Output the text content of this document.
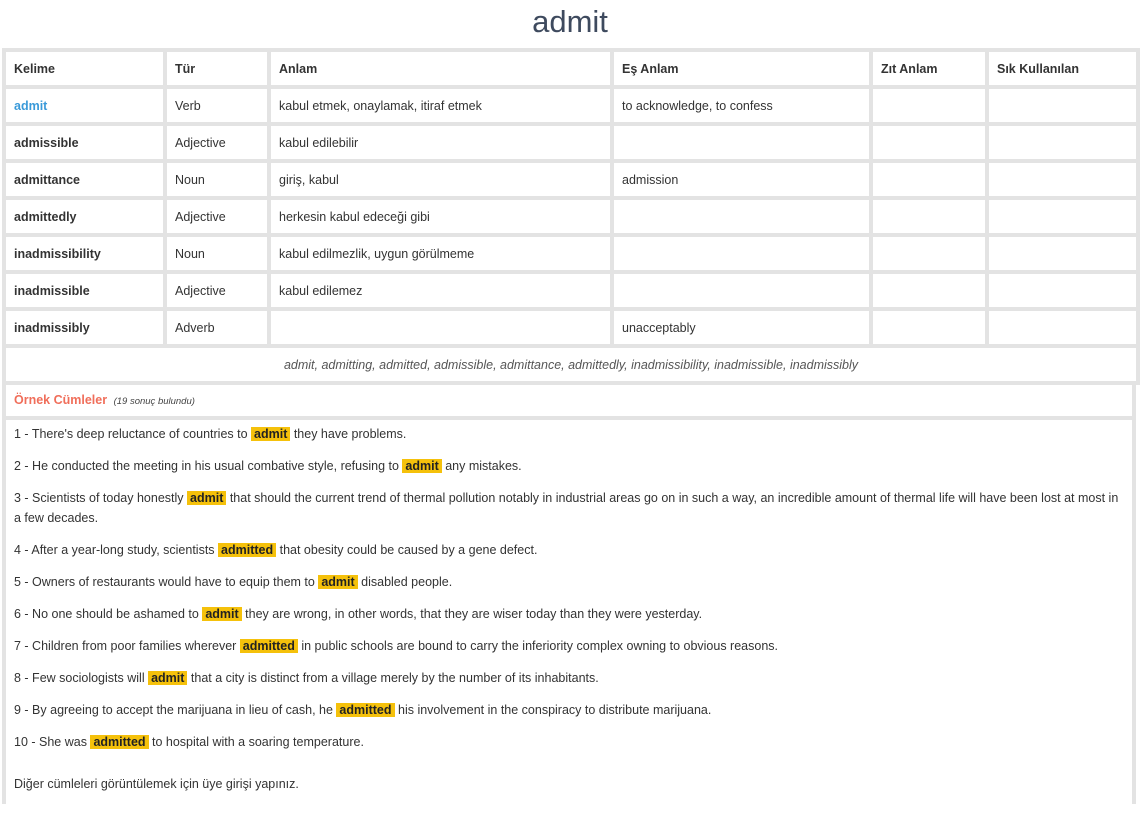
admit
Kelime	Tür	Anlam	Eş Anlam	Zıt Anlam	Sık Kullanılan
admit	Verb	kabul etmek, onaylamak, itiraf etmek	to acknowledge, to confess		
admissible	Adjective	kabul edilebilir			
admittance	Noun	giriş, kabul	admission		
admittedly	Adjective	herkesin kabul edeceği gibi			
inadmissibility	Noun	kabul edilmezlik, uygun görülmeme			
inadmissible	Adjective	kabul edilemez			
inadmissibly	Adverb		unacceptably		
admit, admitting, admitted, admissible, admittance, admittedly, inadmissibility, inadmissible, inadmissibly					
Örnek Cümleler (19 sonuç bulundu)

1 - There's deep reluctance of countries to admit they have problems.

2 - He conducted the meeting in his usual combative style, refusing to admit any mistakes.

3 - Scientists of today honestly admit that should the current trend of thermal pollution notably in industrial areas go on in such a way, an incredible amount of thermal life will have been lost at most in a few decades.

4 - After a year-long study, scientists admitted that obesity could be caused by a gene defect.

5 - Owners of restaurants would have to equip them to admit disabled people.

6 - No one should be ashamed to admit they are wrong, in other words, that they are wiser today than they were yesterday.

7 - Children from poor families wherever admitted in public schools are bound to carry the inferiority complex owning to obvious reasons.

8 - Few sociologists will admit that a city is distinct from a village merely by the number of its inhabitants.

9 - By agreeing to accept the marijuana in lieu of cash, he admitted his involvement in the conspiracy to distribute marijuana.

10 - She was admitted to hospital with a soaring temperature.

Diğer cümleleri görüntülemek için üye girişi yapınız.
